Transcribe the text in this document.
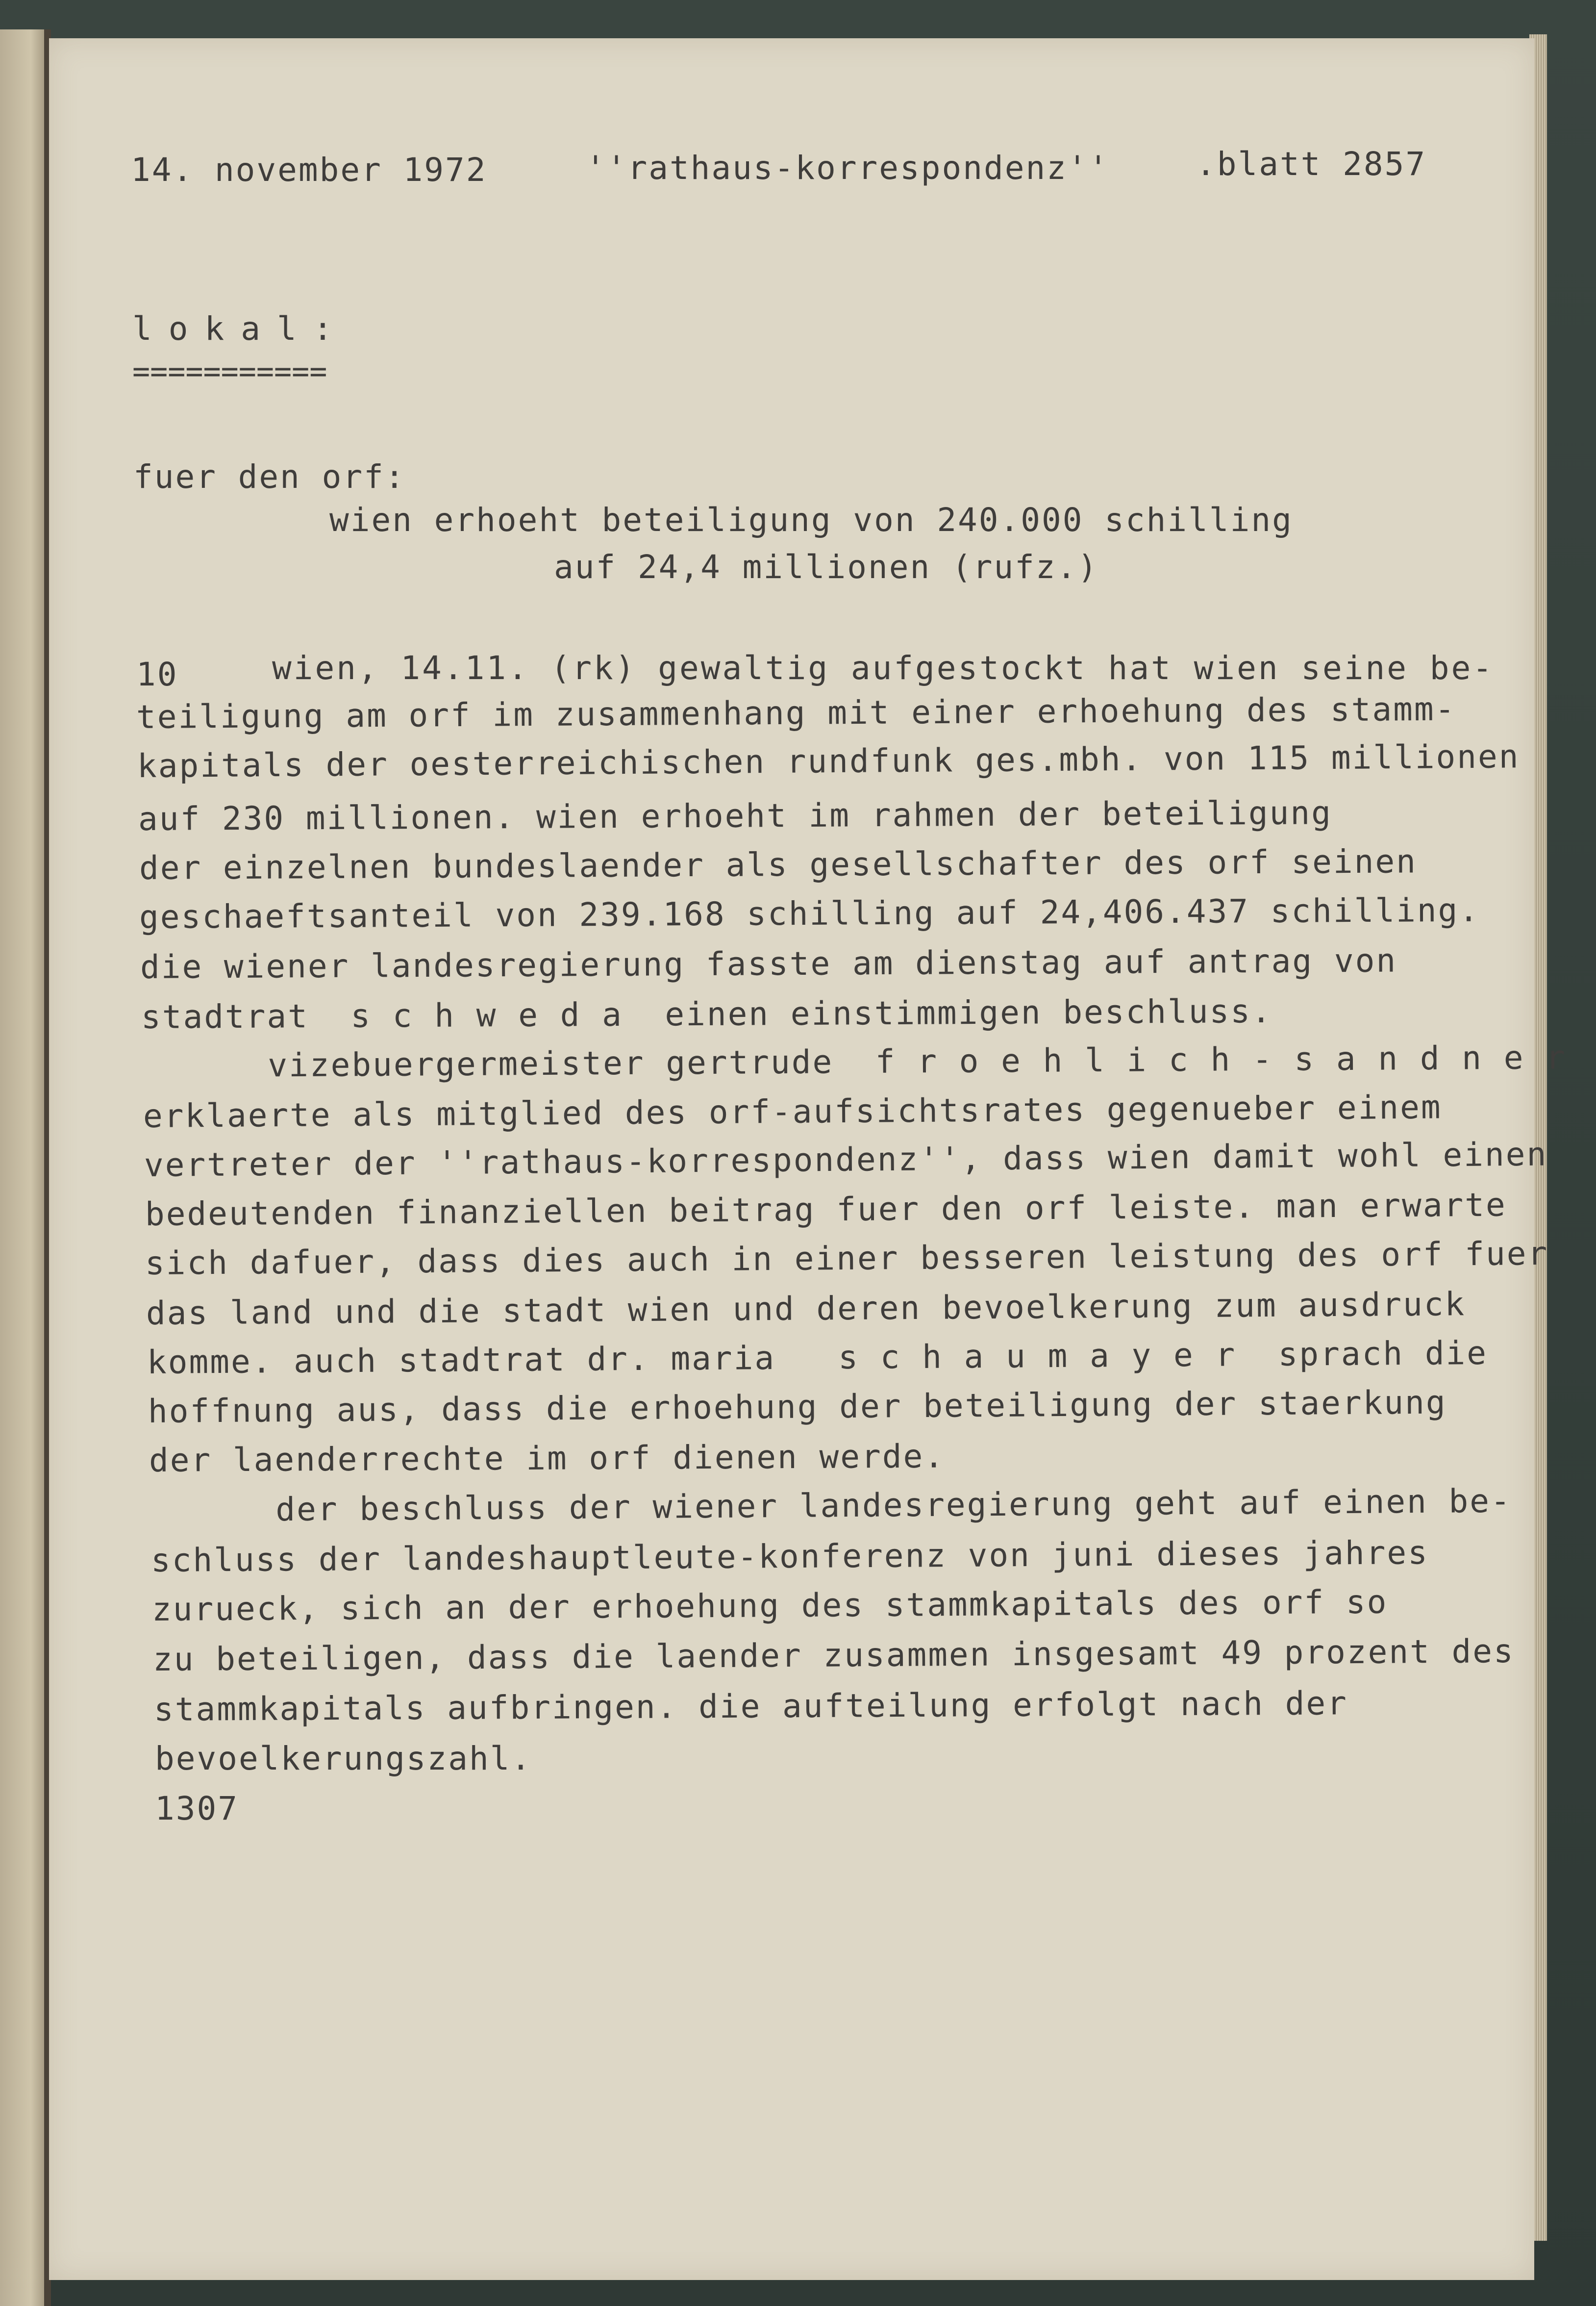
14. november 1972	''rathaus-korrespondenz''	.blatt 2857
lokal:
===========
fuer den orf:
wien erhoeht beteiligung von 240.000 schilling
auf 24,4 millionen (rufz.)
10	wien, 14.11. (rk) gewaltig aufgestockt hat wien seine be-
teiligung am orf im zusammenhang mit einer erhoehung des stamm-
kapitals der oesterreichischen rundfunk ges.mbh. von 115 millionen
auf 230 millionen. wien erhoeht im rahmen der beteiligung
der einzelnen bundeslaender als gesellschafter des orf seinen
geschaeftsanteil von 239.168 schilling auf 24,406.437 schilling.
die wiener landesregierung fasste am dienstag auf antrag von
stadtrat  s c h w e d a  einen einstimmigen beschluss.
vizebuergermeister gertrude  f r o e h l i c h - s a n d n e r
erklaerte als mitglied des orf-aufsichtsrates gegenueber einem
vertreter der ''rathaus-korrespondenz'', dass wien damit wohl einen
bedeutenden finanziellen beitrag fuer den orf leiste. man erwarte
sich dafuer, dass dies auch in einer besseren leistung des orf fuer
das land und die stadt wien und deren bevoelkerung zum ausdruck
komme. auch stadtrat dr. maria   s c h a u m a y e r  sprach die
hoffnung aus, dass die erhoehung der beteiligung der staerkung
der laenderrechte im orf dienen werde.
der beschluss der wiener landesregierung geht auf einen be-
schluss der landeshauptleute-konferenz von juni dieses jahres
zurueck, sich an der erhoehung des stammkapitals des orf so
zu beteiligen, dass die laender zusammen insgesamt 49 prozent des
stammkapitals aufbringen. die aufteilung erfolgt nach der
bevoelkerungszahl.
1307
